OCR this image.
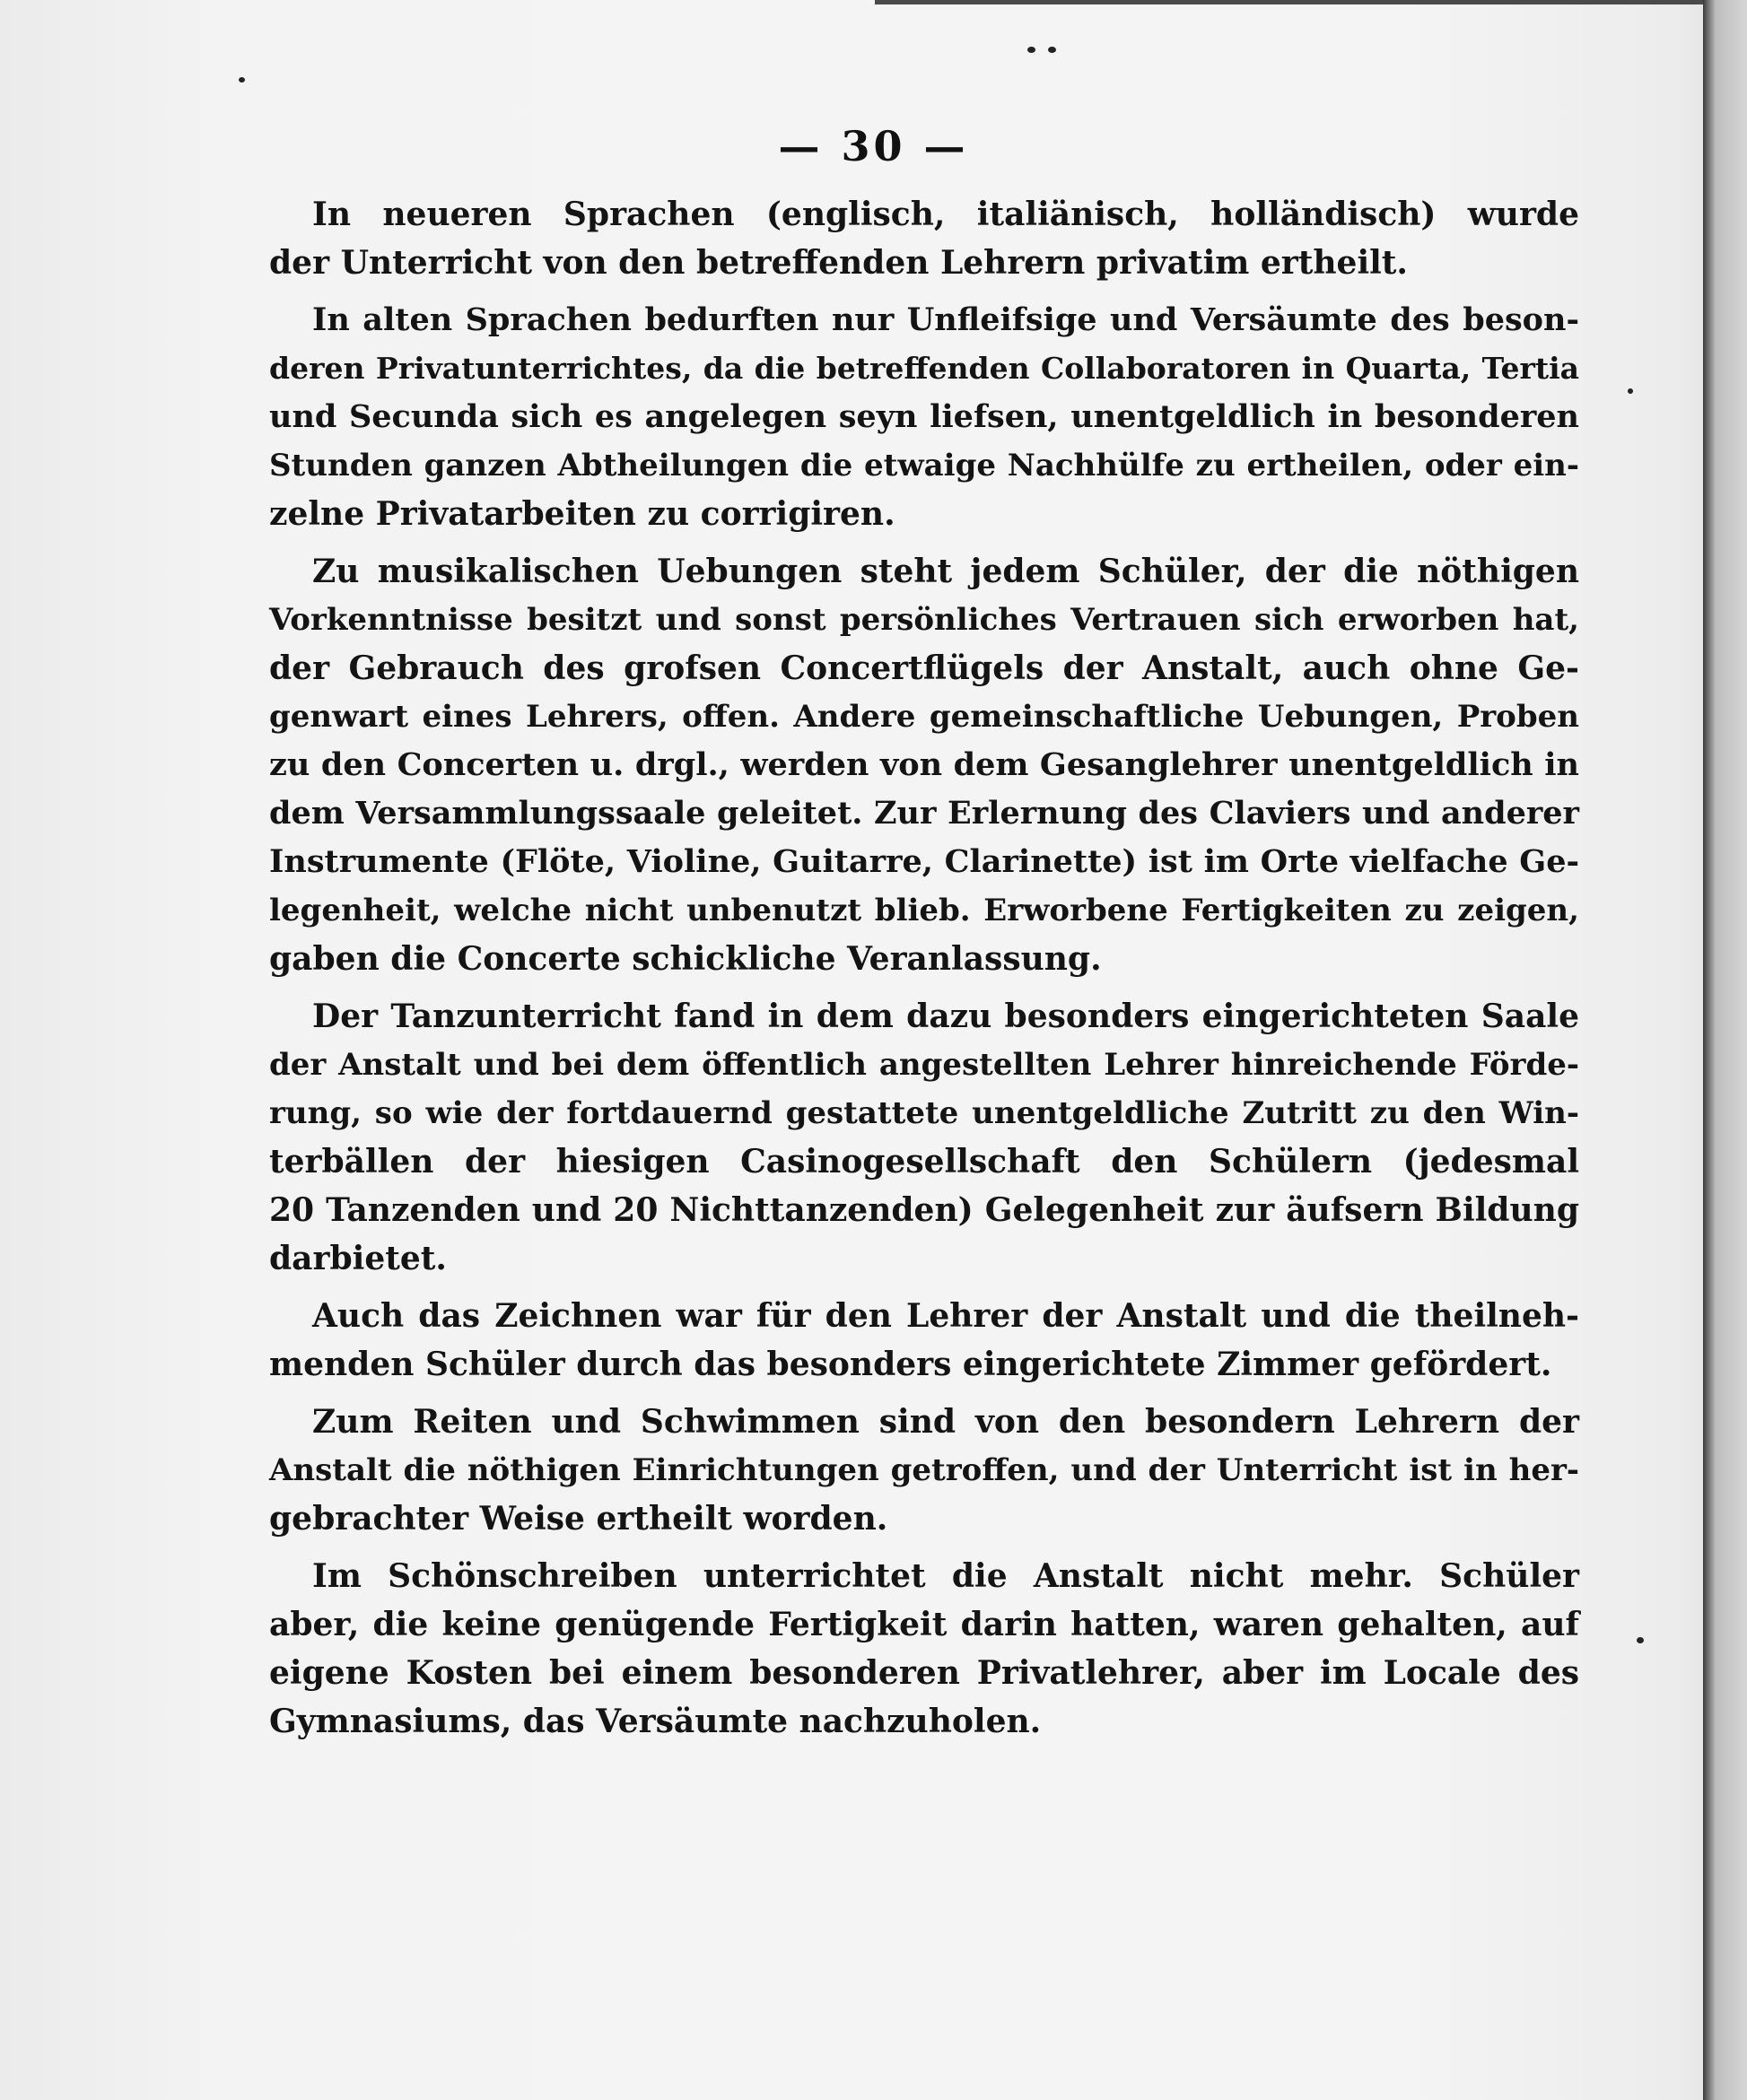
— 30 —
In neueren Sprachen (englisch, italiänisch, holländisch) wurde
der Unterricht von den betreffenden Lehrern privatim ertheilt.
In alten Sprachen bedurften nur Unfleifsige und Versäumte des beson-
deren Privatunterrichtes, da die betreffenden Collaboratoren in Quarta, Tertia
und Secunda sich es angelegen seyn liefsen, unentgeldlich in besonderen
Stunden ganzen Abtheilungen die etwaige Nachhülfe zu ertheilen, oder ein-
zelne Privatarbeiten zu corrigiren.
Zu musikalischen Uebungen steht jedem Schüler, der die nöthigen
Vorkenntnisse besitzt und sonst persönliches Vertrauen sich erworben hat,
der Gebrauch des grofsen Concertflügels der Anstalt, auch ohne Ge-
genwart eines Lehrers, offen. Andere gemeinschaftliche Uebungen, Proben
zu den Concerten u. drgl., werden von dem Gesanglehrer unentgeldlich in
dem Versammlungssaale geleitet. Zur Erlernung des Claviers und anderer
Instrumente (Flöte, Violine, Guitarre, Clarinette) ist im Orte vielfache Ge-
legenheit, welche nicht unbenutzt blieb. Erworbene Fertigkeiten zu zeigen,
gaben die Concerte schickliche Veranlassung.
Der Tanzunterricht fand in dem dazu besonders eingerichteten Saale
der Anstalt und bei dem öffentlich angestellten Lehrer hinreichende Förde-
rung, so wie der fortdauernd gestattete unentgeldliche Zutritt zu den Win-
terbällen der hiesigen Casinogesellschaft den Schülern (jedesmal
20 Tanzenden und 20 Nichttanzenden) Gelegenheit zur äufsern Bildung
darbietet.
Auch das Zeichnen war für den Lehrer der Anstalt und die theilneh-
menden Schüler durch das besonders eingerichtete Zimmer gefördert.
Zum Reiten und Schwimmen sind von den besondern Lehrern der
Anstalt die nöthigen Einrichtungen getroffen, und der Unterricht ist in her-
gebrachter Weise ertheilt worden.
Im Schönschreiben unterrichtet die Anstalt nicht mehr. Schüler
aber, die keine genügende Fertigkeit darin hatten, waren gehalten, auf
eigene Kosten bei einem besonderen Privatlehrer, aber im Locale des
Gymnasiums, das Versäumte nachzuholen.
